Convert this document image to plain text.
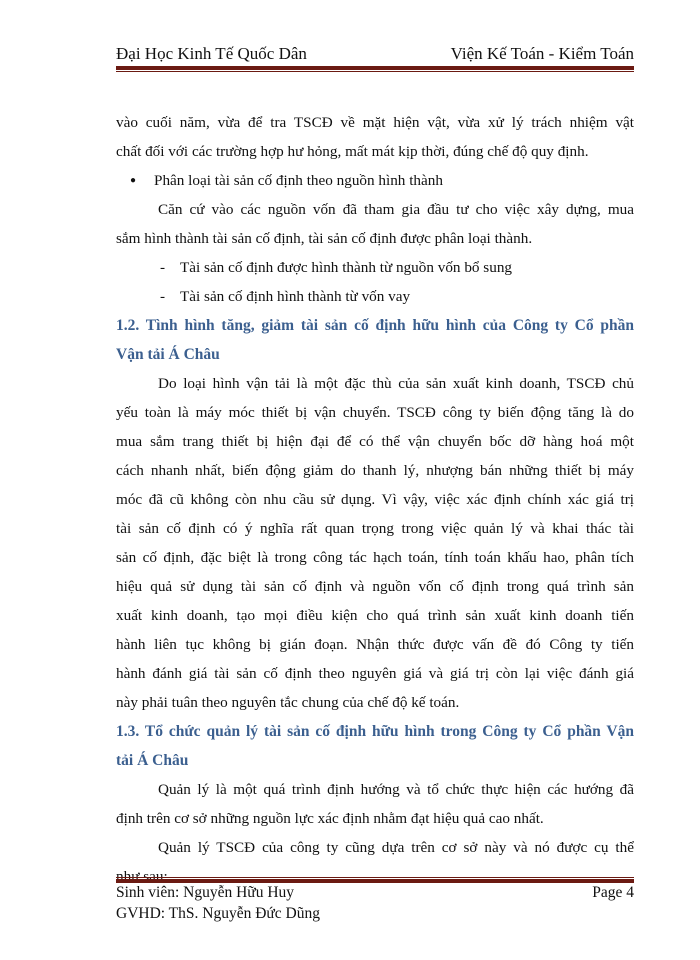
Đại Học Kinh Tế Quốc Dân	Viện Kế Toán - Kiểm Toán
vào cuối năm, vừa để tra TSCĐ về mặt hiện vật, vừa xử lý trách nhiệm vật
chất đối với các trường hợp hư hỏng, mất mát kịp thời, đúng chế độ quy định.
●	Phân loại tài sản cố định theo nguồn hình thành
Căn cứ vào các nguồn vốn đã tham gia đầu tư cho việc xây dựng, mua
sắm hình thành tài sản cố định, tài sản cố định được phân loại thành.
- Tài sản cố định được hình thành từ nguồn vốn bổ sung
- Tài sản cố định hình thành từ vốn vay
1.2. Tình hình tăng, giảm tài sản cố định hữu hình của Công ty Cổ phần
Vận tải Á Châu
Do loại hình vận tải là một đặc thù của sản xuất kinh doanh, TSCĐ chủ
yếu toàn là máy móc thiết bị vận chuyển. TSCĐ công ty biến động tăng là do
mua sắm trang thiết bị hiện đại để có thể vận chuyển bốc dỡ hàng hoá một
cách nhanh nhất, biến động giảm do thanh lý, nhượng bán những thiết bị máy
móc đã cũ không còn nhu cầu sử dụng. Vì vậy, việc xác định chính xác giá trị
tài sản cố định có ý nghĩa rất quan trọng trong việc quản lý và khai thác tài
sản cố định, đặc biệt là trong công tác hạch toán, tính toán khấu hao, phân tích
hiệu quả sử dụng tài sản cố định và nguồn vốn cố định trong quá trình sản
xuất kinh doanh, tạo mọi điều kiện cho quá trình sản xuất kinh doanh tiến
hành liên tục không bị gián đoạn. Nhận thức được vấn đề đó Công ty tiến
hành đánh giá tài sản cố định theo nguyên giá và giá trị còn lại việc đánh giá
này phải tuân theo nguyên tắc chung của chế độ kế toán.
1.3. Tổ chức quản lý tài sản cố định hữu hình trong Công ty Cổ phần Vận
tải Á Châu
Quản lý là một quá trình định hướng và tổ chức thực hiện các hướng đã
định trên cơ sở những nguồn lực xác định nhằm đạt hiệu quả cao nhất.
Quản lý TSCĐ của công ty cũng dựa trên cơ sở này và nó được cụ thể
Sinh viên: Nguyễn Hữu Huy	Page 4
GVHD: ThS. Nguyễn Đức Dũng
